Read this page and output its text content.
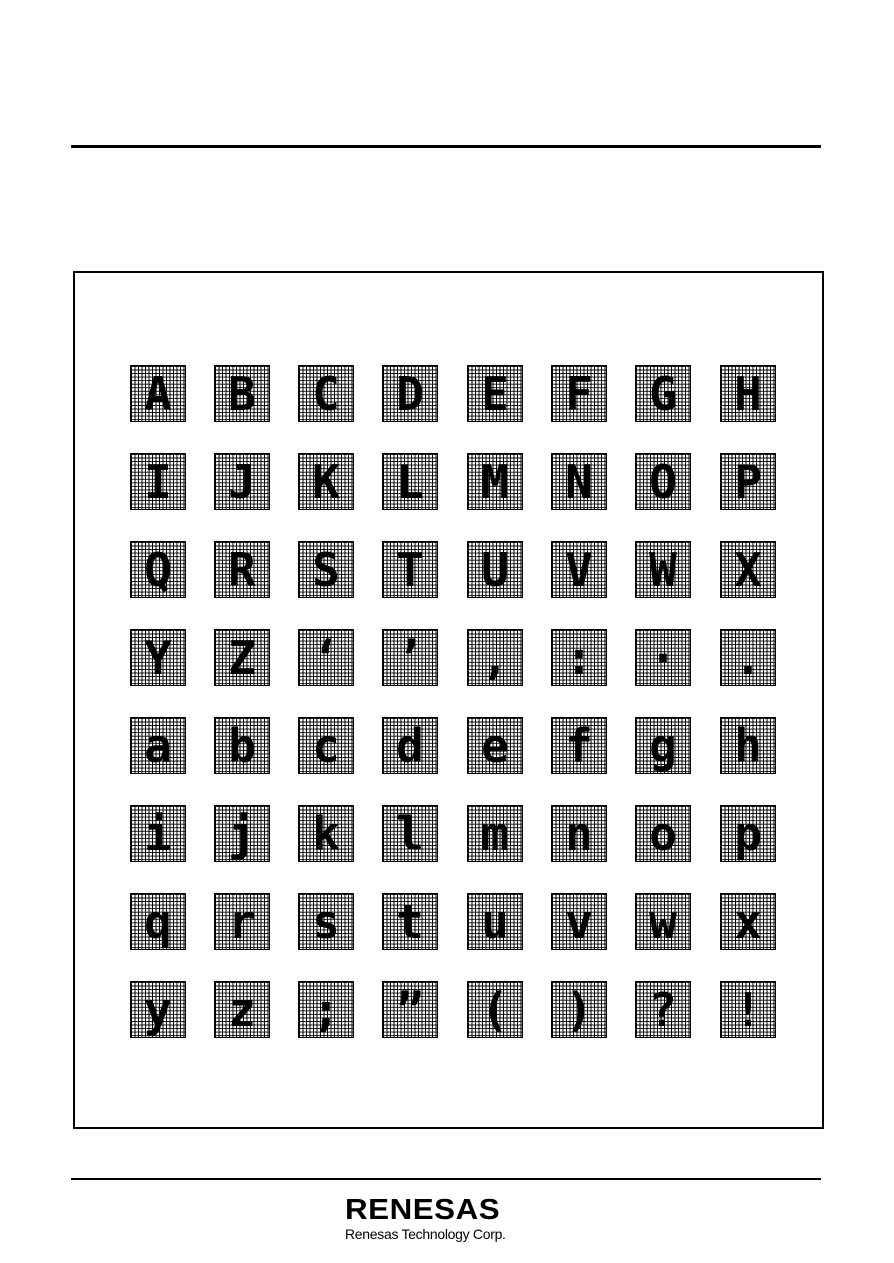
A B C D E F G H
I J K L M N O P
Q R S T U V W X
Y Z ‘ ’ , : · .
a b c d e f g h
i j k l m n o p
q r s t u v w x
y z ; ” ( ) ? !
RENESAS
Renesas Technology Corp.
